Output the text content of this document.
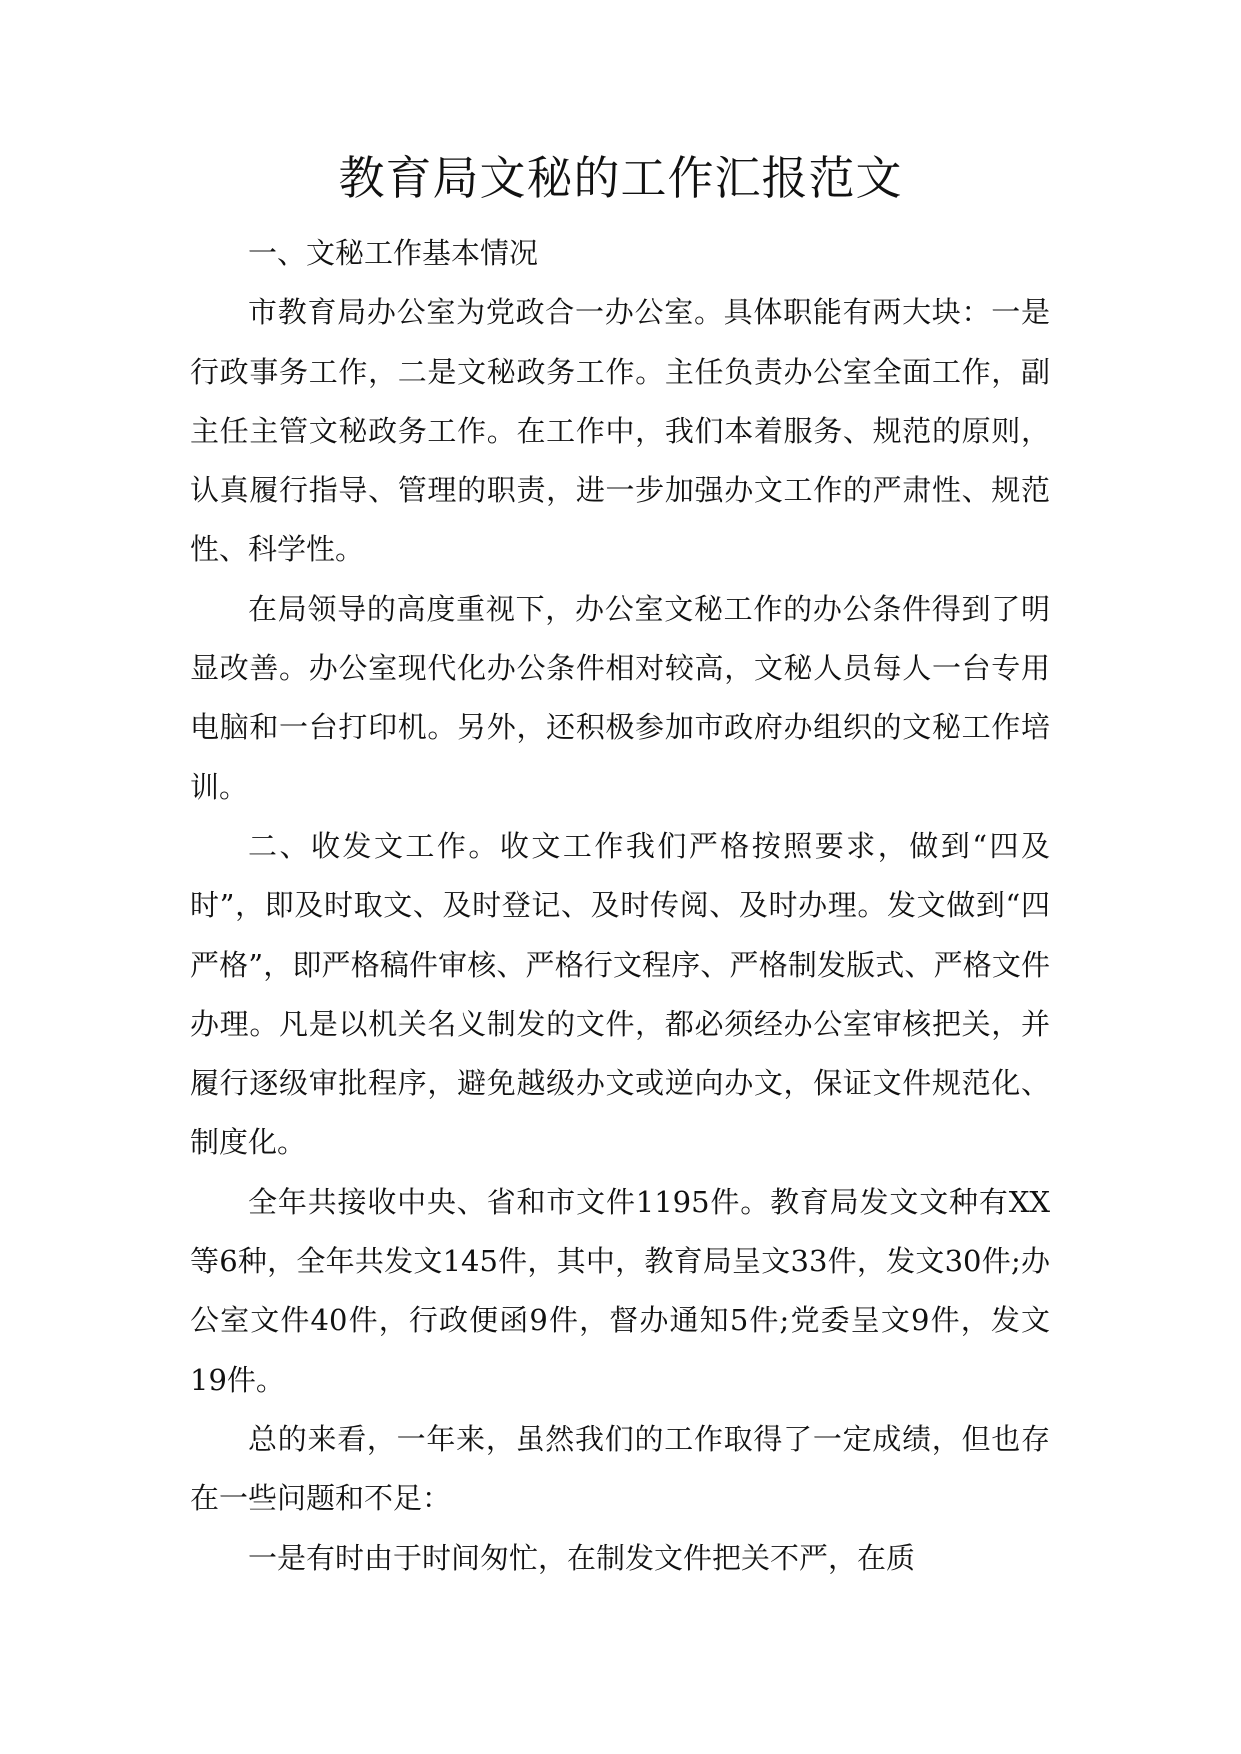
教育局文秘的工作汇报范文

一、文秘工作基本情况

市教育局办公室为党政合一办公室。具体职能有两大块：一是行政事务工作，二是文秘政务工作。主任负责办公室全面工作，副主任主管文秘政务工作。在工作中，我们本着服务、规范的原则，认真履行指导、管理的职责，进一步加强办文工作的严肃性、规范性、科学性。

在局领导的高度重视下，办公室文秘工作的办公条件得到了明显改善。办公室现代化办公条件相对较高，文秘人员每人一台专用电脑和一台打印机。另外，还积极参加市政府办组织的文秘工作培训。

二、收发文工作。收文工作我们严格按照要求，做到“四及时”，即及时取文、及时登记、及时传阅、及时办理。发文做到“四严格”，即严格稿件审核、严格行文程序、严格制发版式、严格文件办理。凡是以机关名义制发的文件，都必须经办公室审核把关，并履行逐级审批程序，避免越级办文或逆向办文，保证文件规范化、制度化。

全年共接收中央、省和市文件1195件。教育局发文文种有XX等6种，全年共发文145件，其中，教育局呈文33件，发文30件;办公室文件40件，行政便函9件，督办通知5件;党委呈文9件，发文19件。

总的来看，一年来，虽然我们的工作取得了一定成绩，但也存在一些问题和不足：

一是有时由于时间匆忙，在制发文件把关不严，在质
